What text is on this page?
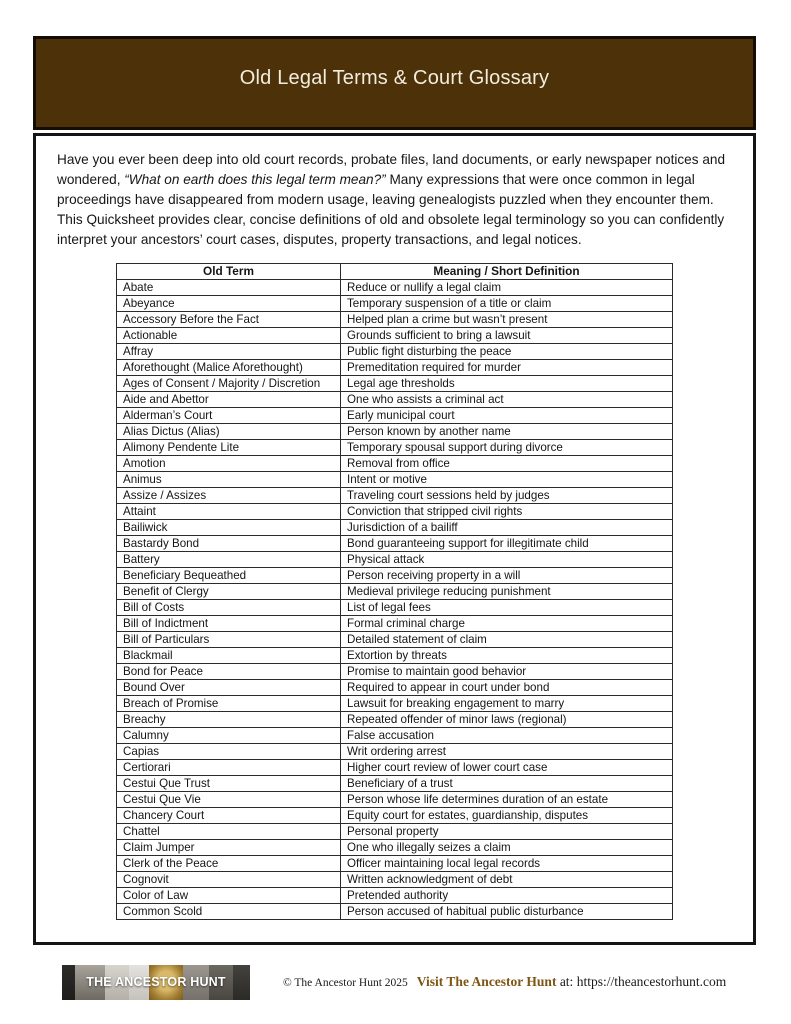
Old Legal Terms & Court Glossary

Have you ever been deep into old court records, probate files, land documents, or early newspaper notices and wondered, “What on earth does this legal term mean?” Many expressions that were once common in legal proceedings have disappeared from modern usage, leaving genealogists puzzled when they encounter them. This Quicksheet provides clear, concise definitions of old and obsolete legal terminology so you can confidently interpret your ancestors’ court cases, disputes, property transactions, and legal notices.

Old Term	Meaning / Short Definition
Abate	Reduce or nullify a legal claim
Abeyance	Temporary suspension of a title or claim
Accessory Before the Fact	Helped plan a crime but wasn’t present
Actionable	Grounds sufficient to bring a lawsuit
Affray	Public fight disturbing the peace
Aforethought (Malice Aforethought)	Premeditation required for murder
Ages of Consent / Majority / Discretion	Legal age thresholds
Aide and Abettor	One who assists a criminal act
Alderman’s Court	Early municipal court
Alias Dictus (Alias)	Person known by another name
Alimony Pendente Lite	Temporary spousal support during divorce
Amotion	Removal from office
Animus	Intent or motive
Assize / Assizes	Traveling court sessions held by judges
Attaint	Conviction that stripped civil rights
Bailiwick	Jurisdiction of a bailiff
Bastardy Bond	Bond guaranteeing support for illegitimate child
Battery	Physical attack
Beneficiary Bequeathed	Person receiving property in a will
Benefit of Clergy	Medieval privilege reducing punishment
Bill of Costs	List of legal fees
Bill of Indictment	Formal criminal charge
Bill of Particulars	Detailed statement of claim
Blackmail	Extortion by threats
Bond for Peace	Promise to maintain good behavior
Bound Over	Required to appear in court under bond
Breach of Promise	Lawsuit for breaking engagement to marry
Breachy	Repeated offender of minor laws (regional)
Calumny	False accusation
Capias	Writ ordering arrest
Certiorari	Higher court review of lower court case
Cestui Que Trust	Beneficiary of a trust
Cestui Que Vie	Person whose life determines duration of an estate
Chancery Court	Equity court for estates, guardianship, disputes
Chattel	Personal property
Claim Jumper	One who illegally seizes a claim
Clerk of the Peace	Officer maintaining local legal records
Cognovit	Written acknowledgment of debt
Color of Law	Pretended authority
Common Scold	Person accused of habitual public disturbance
THE ANCESTOR HUNT	© The Ancestor Hunt 2025 Visit The Ancestor Hunt at: https://theancestorhunt.com
